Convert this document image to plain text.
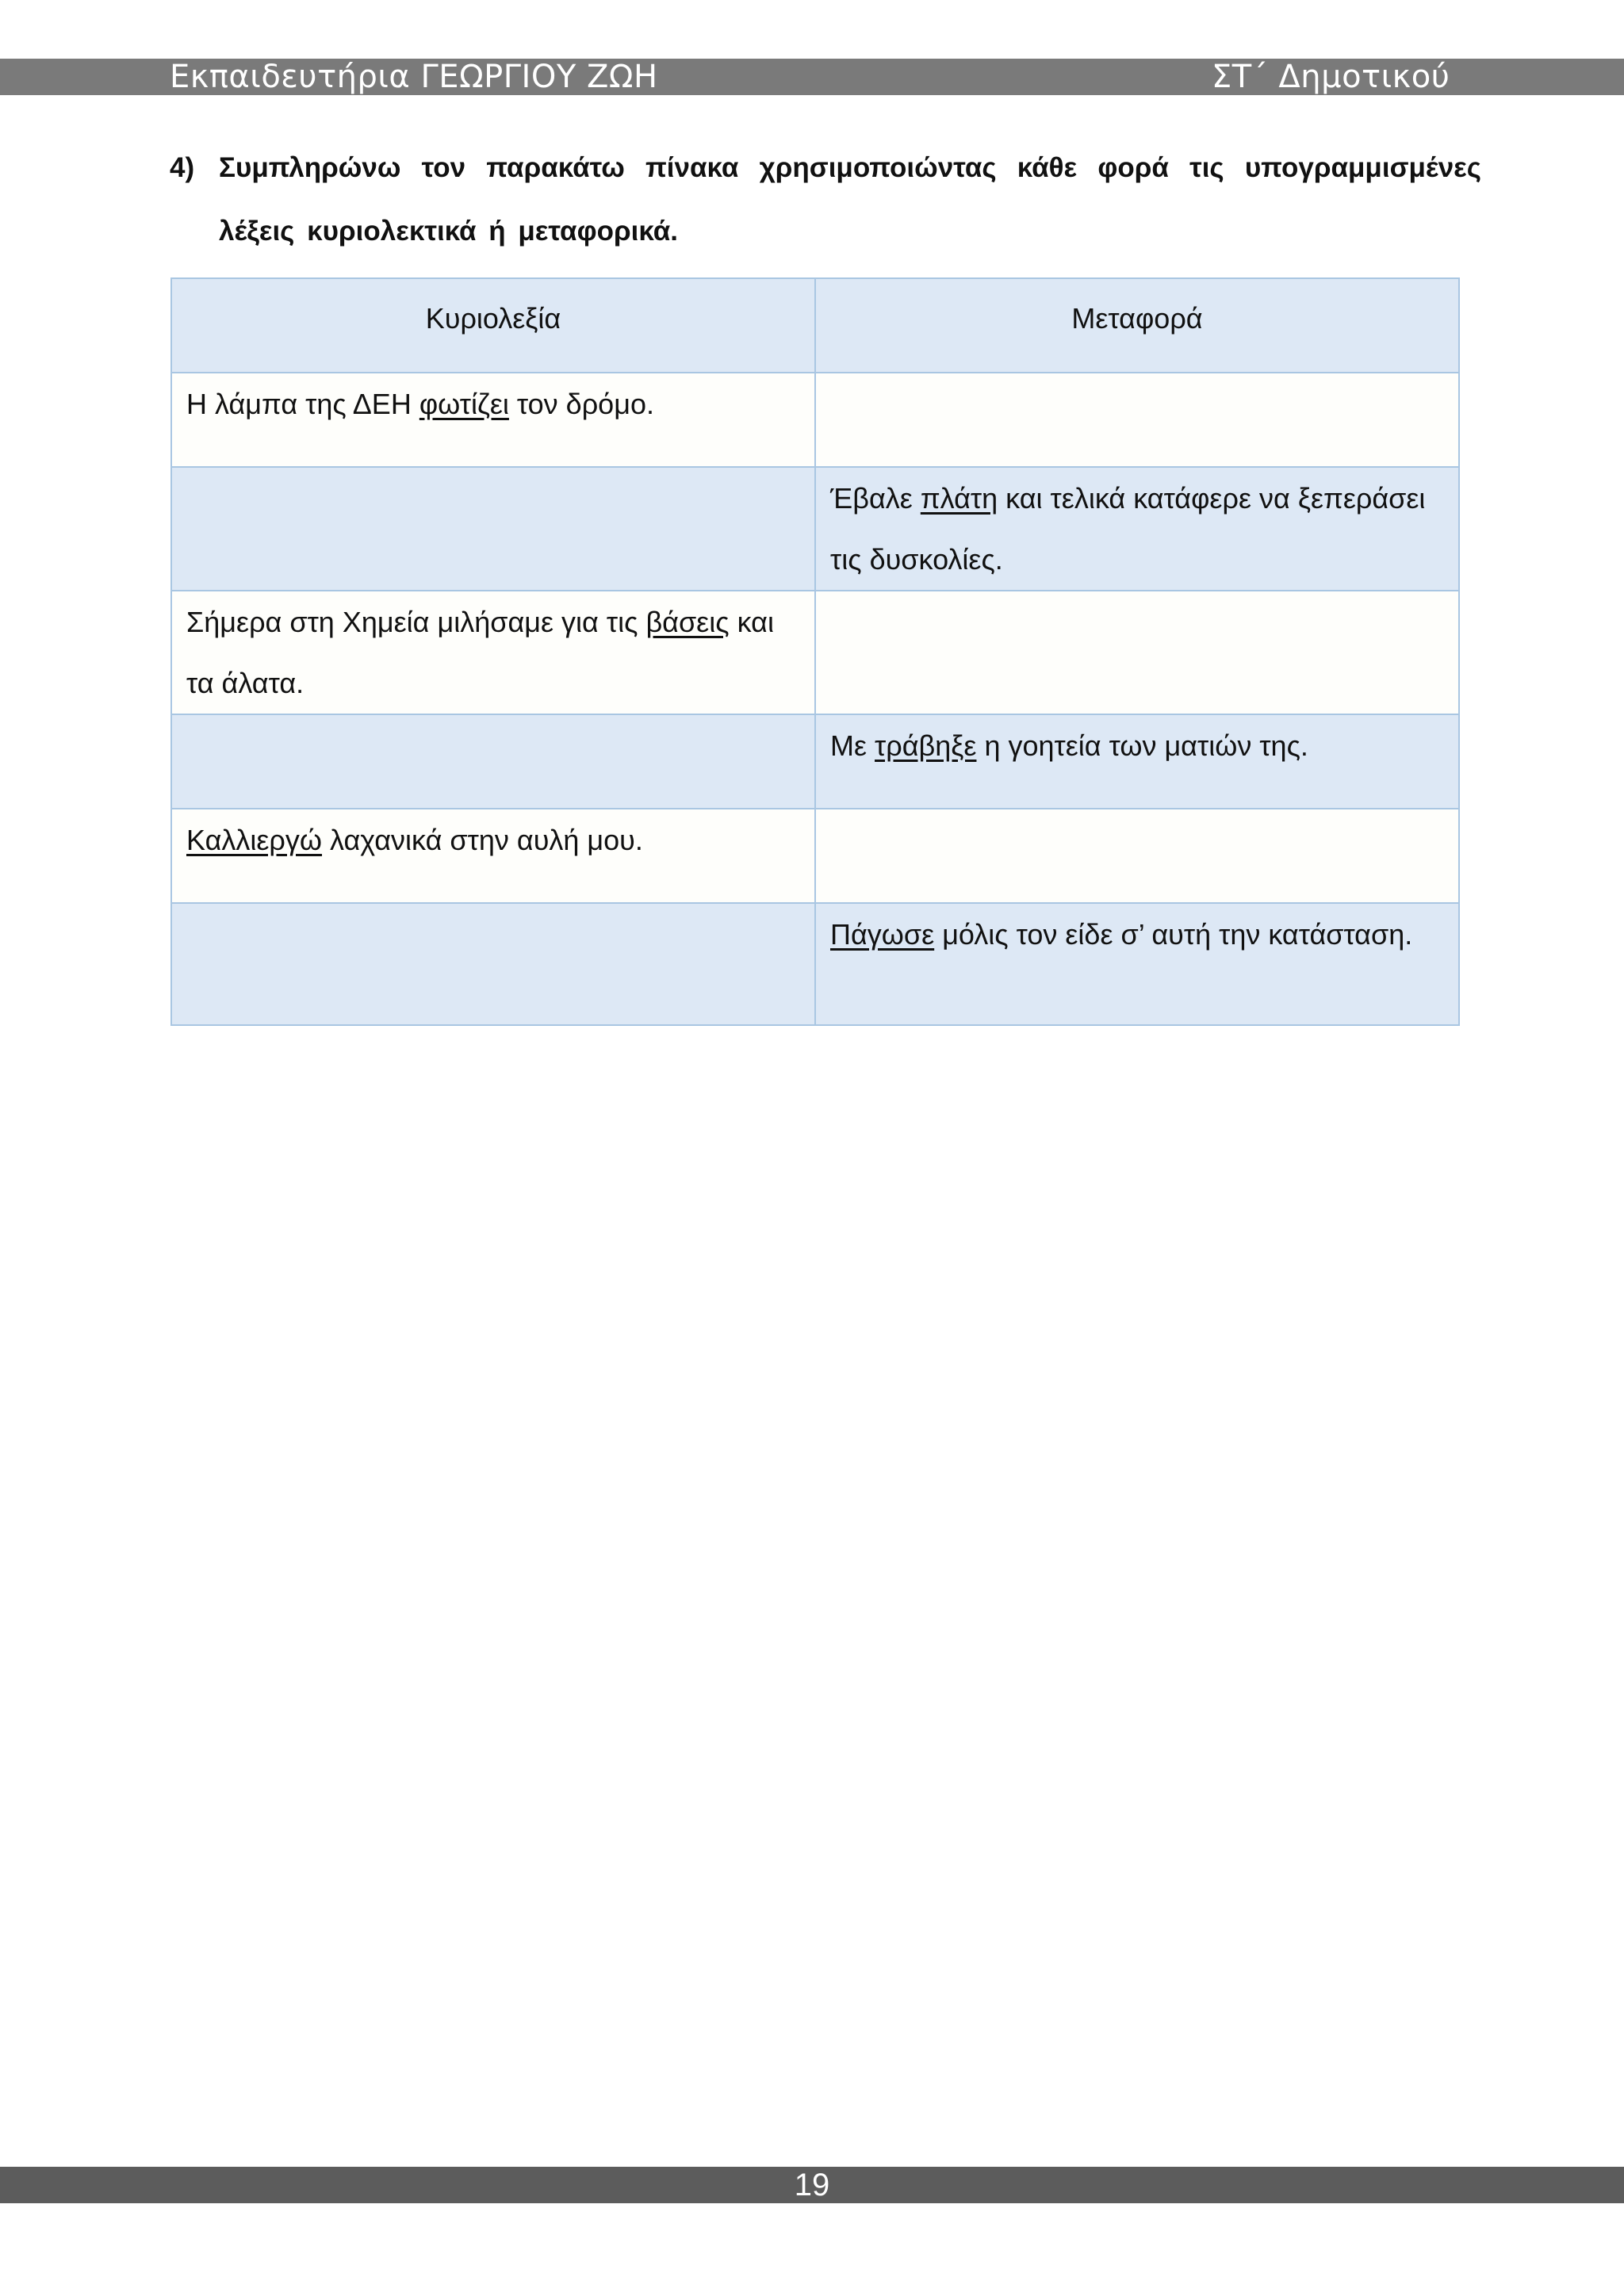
Εκπαιδευτήρια ΓΕΩΡΓΙΟΥ ΖΩΗ	ΣΤ΄ Δημοτικού
4) Συμπληρώνω τον παρακάτω πίνακα χρησιμοποιώντας κάθε φορά τις υπογραμμισμένες λέξεις κυριολεκτικά ή μεταφορικά.
Κυριολεξία	Μεταφορά
Η λάμπα της ΔΕΗ φωτίζει τον δρόμο.	
	Έβαλε πλάτη και τελικά κατάφερε να ξεπεράσει τις δυσκολίες.
Σήμερα στη Χημεία μιλήσαμε για τις βάσεις και τα άλατα.	
	Με τράβηξε η γοητεία των ματιών της.
Καλλιεργώ λαχανικά στην αυλή μου.	
	Πάγωσε μόλις τον είδε σ’ αυτή την κατάσταση.
19
